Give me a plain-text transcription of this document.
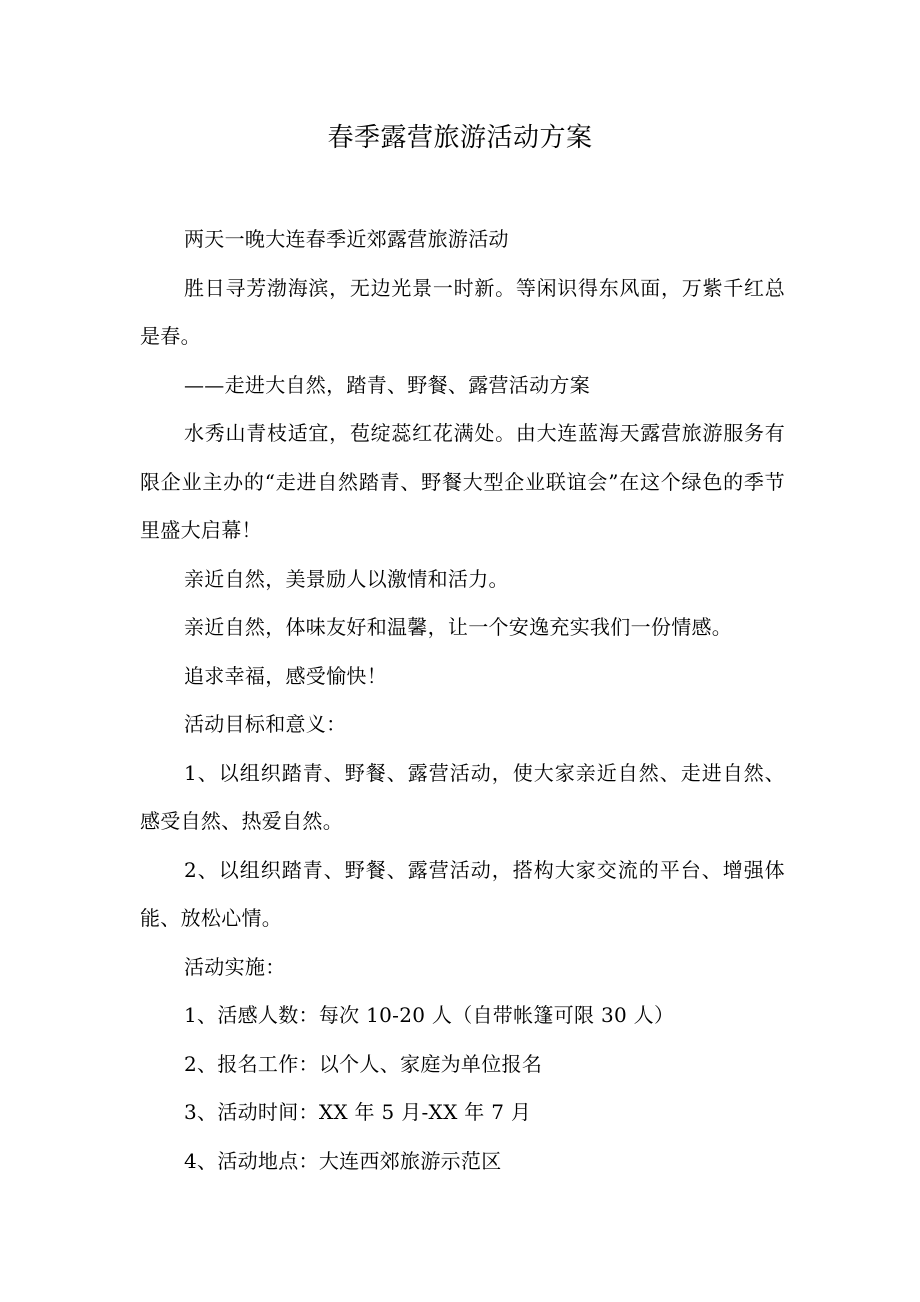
春季露营旅游活动方案

两天一晚大连春季近郊露营旅游活动

胜日寻芳渤海滨，无边光景一时新。等闲识得东风面，万紫千红总是春。

——走进大自然，踏青、野餐、露营活动方案

水秀山青枝适宜，苞绽蕊红花满处。由大连蓝海天露营旅游服务有限企业主办的“走进自然踏青、野餐大型企业联谊会”在这个绿色的季节里盛大启幕！

亲近自然，美景励人以激情和活力。

亲近自然，体味友好和温馨，让一个安逸充实我们一份情感。

追求幸福，感受愉快！

活动目标和意义：

1、以组织踏青、野餐、露营活动，使大家亲近自然、走进自然、感受自然、热爱自然。

2、以组织踏青、野餐、露营活动，搭构大家交流的平台、增强体能、放松心情。

活动实施：

1、活感人数：每次 10-20 人（自带帐篷可限 30 人）

2、报名工作：以个人、家庭为单位报名

3、活动时间：XX 年 5 月-XX 年 7 月

4、活动地点：大连西郊旅游示范区
